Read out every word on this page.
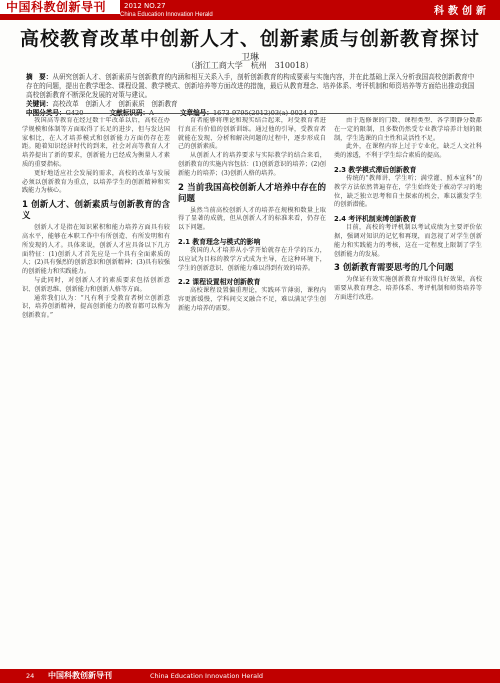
中国科教创新导刊	2012 NO.27
China Education Innovation Herald	科教创新
高校教育改革中创新人才、创新素质与创新教育探讨
卫琳
（浙江工商大学　杭州　310018）
摘　要：从研究创新人才、创新素质与创新教育的内涵和相互关系入手，剖析创新教育的构成要素与实施内容，并在此基础上深入分析我国高校创新教育中存在的问题，提出在教学理念、课程设置、教学模式、创新培养等方面改进的措施，最后从教育理念、培养体系、考评机制和师资培养等方面给出推动我国高校创新教育不断深化发展的对策与建议。
关键词：高校改革　创新人才　创新素质　创新教育
中图分类号：G420	文献标识码：A	文章编号：1673-9795(2012)03(a)-0024-02

我国高等教育在经过数十年改革以后，高校在办学规模和体制等方面取得了长足的进步，但与发达国家相比，在人才培养模式和创新能力方面仍存在差距。随着知识经济时代的到来，社会对高等教育人才培养提出了新的要求，创新能力已经成为衡量人才素质的重要指标。

更好地适应社会发展的需求，高校的改革与发展必须以创新教育为重点，以培养学生的创新精神和实践能力为核心。

1 创新人才、创新素质与创新教育的含义

创新人才是指在知识累积和能力培养方面具有较高水平，能够在本职工作中有所创造、有所发明和有所发现的人才。具体来说，创新人才应具备以下几方面特征：(1)创新人才首先应是一个具有全面素质的人；(2)具有强烈的创新意识和创新精神；(3)具有较强的创新能力和实践能力。

与此同时，对创新人才的素质要求包括创新意识、创新思维、创新能力和创新人格等方面。

通常我们认为：“凡有利于受教育者树立创新意识，培养创新精神，提高创新能力的教育都可以称为创新教育。”

育者能够将理论和现实结合起来，对受教育者进行真正有价值的创新训练。通过他的引导，受教育者就能在发现、分析和解决问题的过程中，逐步形成自己的创新素质。

从创新人才的培养要求与实际教学的结合来看，创新教育的实施内容包括：(1)创新意识的培养；(2)创新能力的培养；(3)创新人格的培养。

2 当前我国高校创新人才培养中存在的问题

虽然当前高校创新人才的培养在规模和数量上取得了显著的成就，但从创新人才的标准来看，仍存在以下问题。

2.1 教育理念与模式的影响

我国的人才培养从小学开始就存在升学的压力，以应试为目标的教学方式成为主导，在这种环境下，学生的创新意识、创新能力难以得到有效的培养。

2.2 课程设置相对创新教育

高校课程设置偏重理论，实践环节薄弱，课程内容更新缓慢，学科间交叉融合不足，难以满足学生创新能力培养的需要。

由于选修课的门数、课程类型、各学期静分数都在一定的限制，且多数仍然受专业教学培养计划的限制，学生选课的自主性和灵活性不足。

此外，在课程内容上过于专业化，缺乏人文社科类的渗透，不利于学生综合素质的提高。

2.3 教学模式滞后创新教育

传统的“教师讲、学生听；满堂灌、照本宣科”的教学方法依然普遍存在，学生始终处于被动学习的地位，缺乏独立思考和自主探索的机会，难以激发学生的创新潜能。

2.4 考评机制束缚创新教育

目前，高校的考评机制以考试成绩为主要评价依据，强调对知识的记忆和再现，而忽视了对学生创新能力和实践能力的考核，这在一定程度上限制了学生创新能力的发展。

3 创新教育需要思考的几个问题

为保证有效实施创新教育并取得良好效果，高校需要从教育理念、培养体系、考评机制和师资培养等方面进行改进。

24 中国科教创新导刊	China Education Innovation Herald
